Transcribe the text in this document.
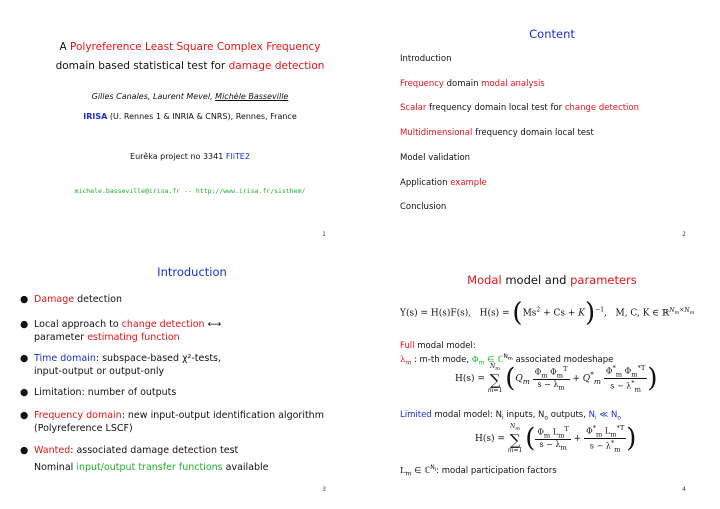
A Polyreference Least Square Complex Frequency
domain based statistical test for damage detection
Gilles Canales, Laurent Mevel, Michèle Basseville
IRISA (U. Rennes 1 & INRIA & CNRS), Rennes, France
Eurêka project no 3341 FliTE2
michele.basseville@irisa.fr -- http://www.irisa.fr/sisthem/
1
Content
Introduction
Frequency domain modal analysis
Scalar frequency domain local test for change detection
Multidimensional frequency domain local test
Model validation
Application example
Conclusion
2
Introduction
● Damage detection
● Local approach to change detection ⟷
parameter estimating function
● Time domain: subspace-based χ²-tests,
input-output or output-only
● Limitation: number of outputs
● Frequency domain: new input-output identification algorithm
(Polyreference LSCF)
● Wanted: associated damage detection test
Nominal input/output transfer functions available
3
Modal model and parameters
Y(s) = H(s)F(s),   $H(s) = (Ms^2 + Cs + K)^{-1}$,   M, C, K ∈ ℝ$^{N_m\times N_m}$
Full modal model:
$\lambda_m$ : m-th mode, $\Phi_m$ ∈ ℂ$^{N_m}$ associated modeshape
$H(s) = N_m$
∑
m=1 ($Q_m \frac{\Phi_m \Phi_m^T}{s - \lambda_m} + Q^*_m \frac{\Phi^*_m \Phi_m^{*T}}{s - \lambda^*_m}$ )
Limited modal model: $N_i$ inputs, $N_o$ outputs, $N_i$ ≪ $N_o$
$H(s) = N_m$
∑
m=1 ( $\frac{\Phi_m L_m^T}{s - \lambda_m} + \frac{\Phi^*_m L_m^{*T}}{s - \lambda^*_m}$ )
$L_m$ ∈ ℂ$^{N_i}$: modal participation factors
4
